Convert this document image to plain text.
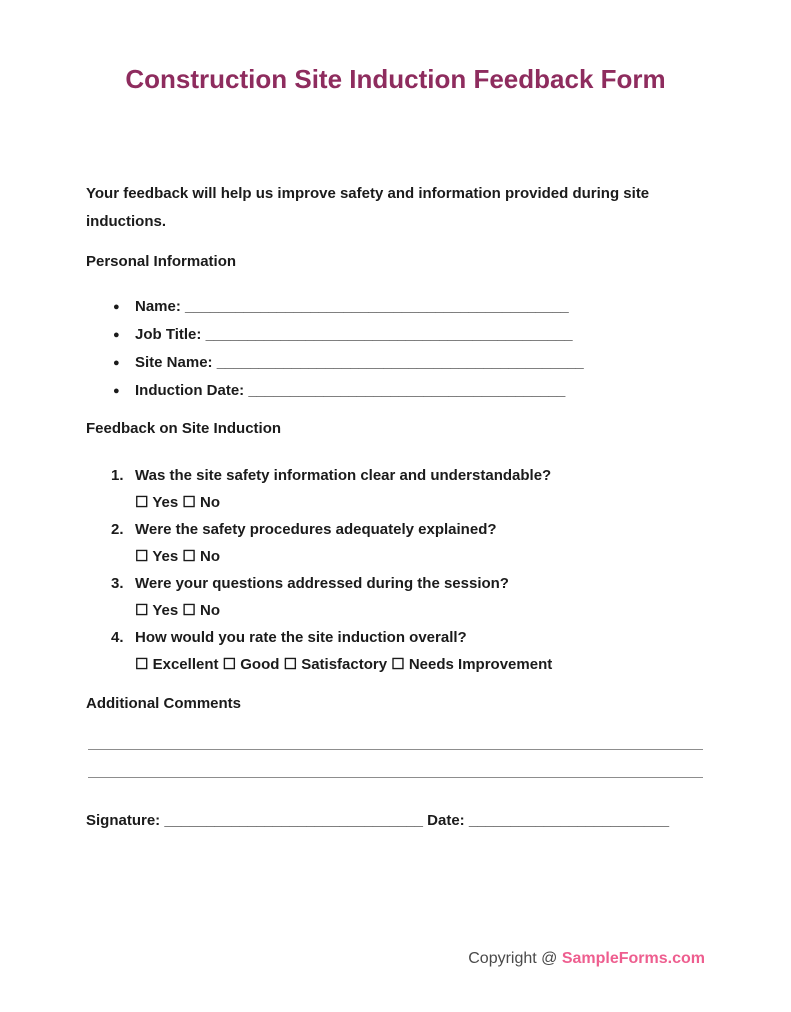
Construction Site Induction Feedback Form

Your feedback will help us improve safety and information provided during site inductions.

Personal Information
● Name: ______________________________________________
● Job Title: ____________________________________________
● Site Name: ____________________________________________
● Induction Date: ______________________________________
Feedback on Site Induction
1. Was the site safety information clear and understandable?
☐ Yes ☐ No
2. Were the safety procedures adequately explained?
☐ Yes ☐ No
3. Were your questions addressed during the session?
☐ Yes ☐ No
4. How would you rate the site induction overall?
☐ Excellent ☐ Good ☐ Satisfactory ☐ Needs Improvement
Additional Comments

Signature: _______________________________ Date: ________________________

Copyright @ SampleForms.com
